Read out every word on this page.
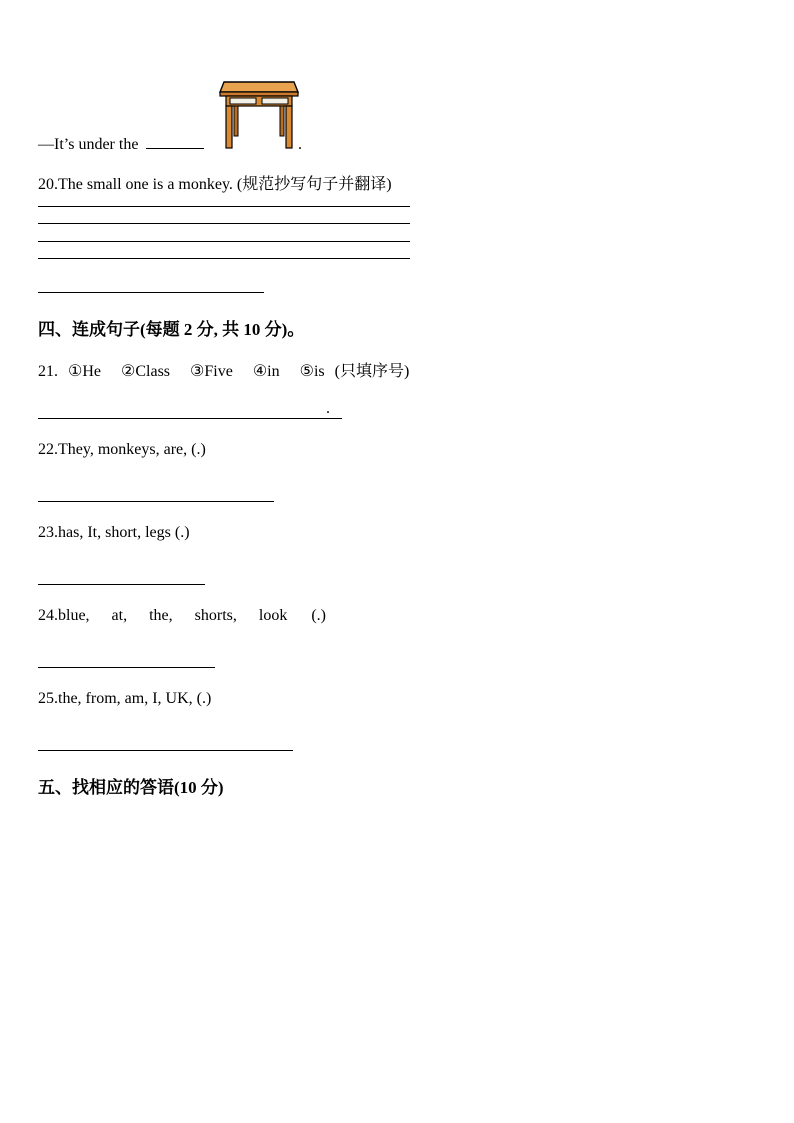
—It’s under the	.
20.The small one is a monkey. (规范抄写句子并翻译)
四、连成句子(每题 2 分, 共 10 分)。
21. ①He ②Class ③Five ④in ⑤is (只填序号)
.
22.They, monkeys, are, (.)
23.has, It, short, legs (.)
24.blue, at, the, shorts, look (.)
25.the, from, am, I, UK, (.)
五、找相应的答语(10 分)
